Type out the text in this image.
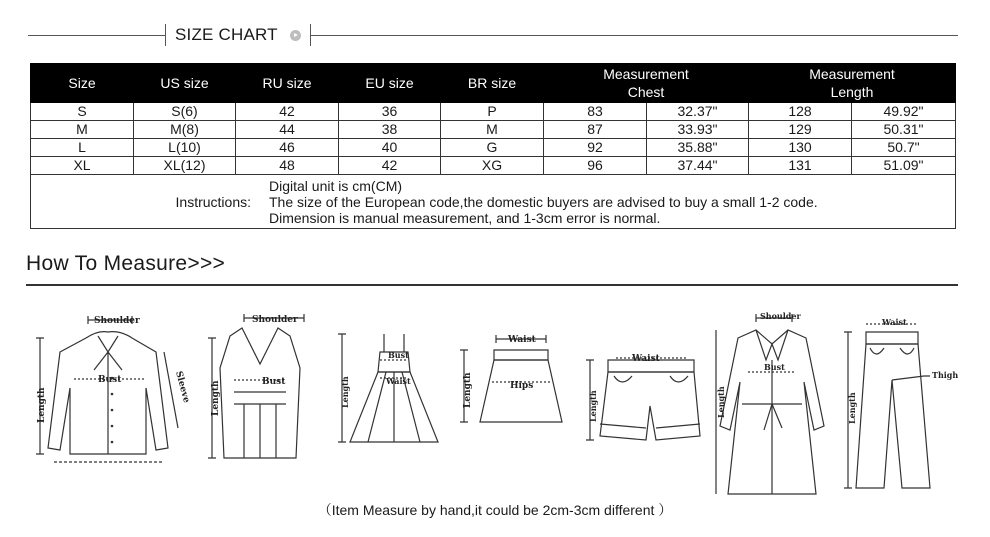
SIZE CHART
Size	US size	RU size	EU size	BR size	Measurement Chest		Measurement Length	
S	S(6)	42	36	P	83	32.37"	128	49.92"
M	M(8)	44	38	M	87	33.93"	129	50.31"
L	L(10)	46	40	G	92	35.88"	130	50.7"
XL	XL(12)	48	42	XG	96	37.44"	131	51.09"

Instructions:
Digital unit is cm(CM)
The size of the European code,the domestic buyers are advised to buy a small 1-2 code.
Dimension is manual measurement, and 1-3cm error is normal.								
How To Measure>>>
Shoulder
Bust
Length
Sleeve
Shoulder
Bust
Length
Bust
Waist
Length
Waist
Hips
Length
Waist
Length
Shoulder
Bust
Length
Waist
Thigh
Length
（Item Measure by hand,it could be 2cm-3cm different ）
